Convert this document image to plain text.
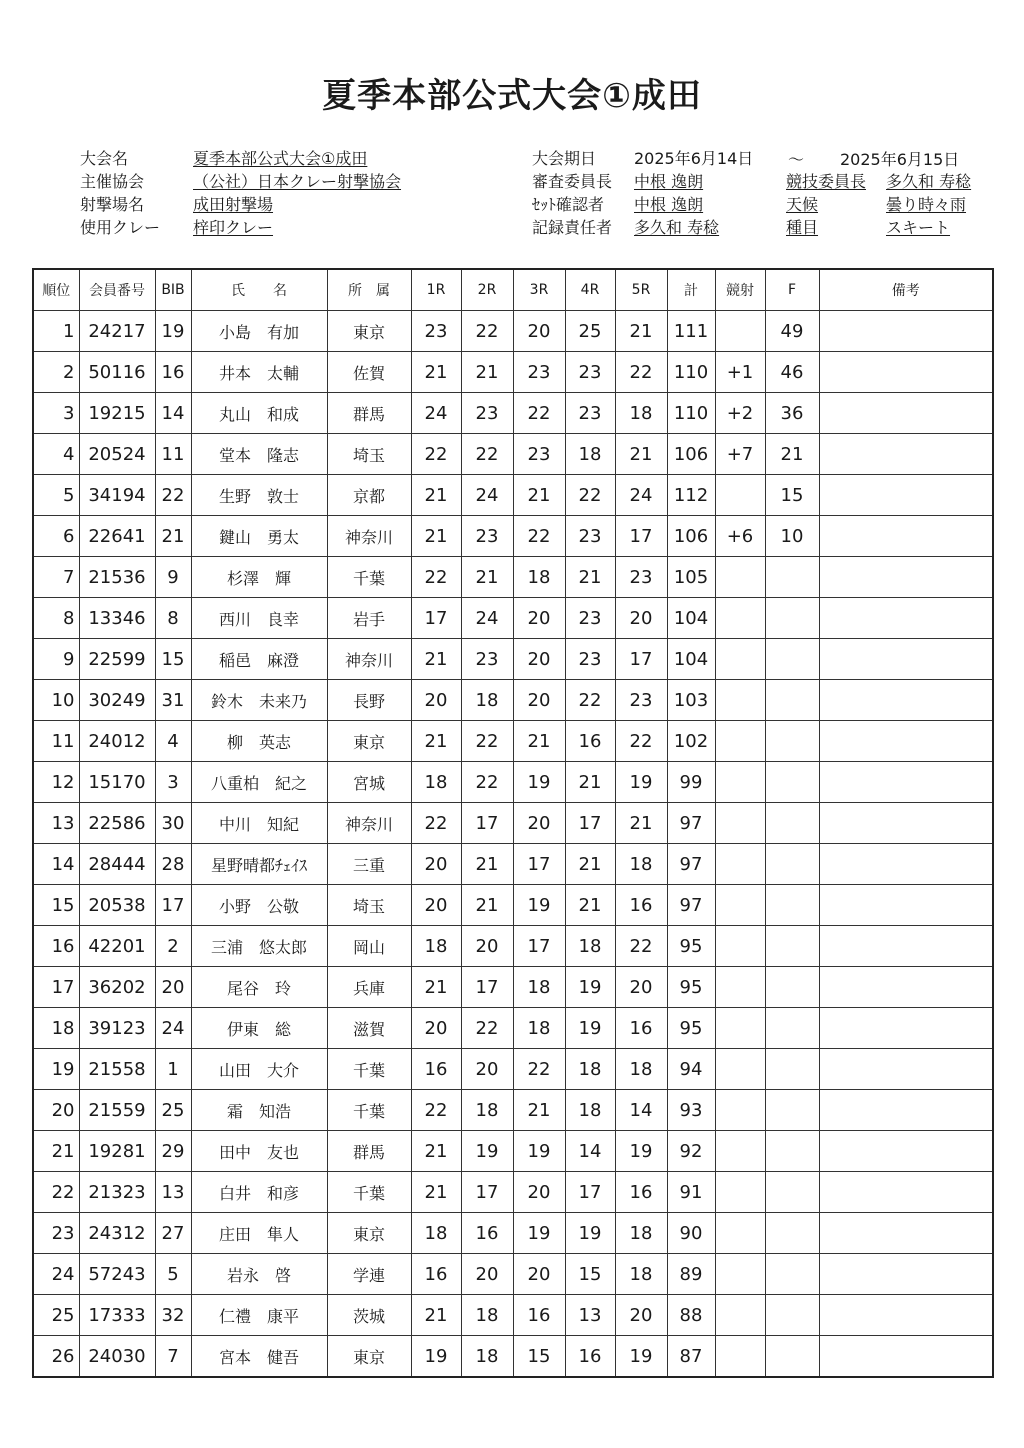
夏季本部公式大会①成田
大会名	夏季本部公式大会①成田
主催協会	（公社）日本クレー射撃協会
射撃場名	成田射撃場
使用クレー 梓印クレー
大会期日 2025年6月14日
審査委員長 中根 逸朗
ｾｯﾄ確認者 中根 逸朗
記録責任者 多久和 寿稔
～ 2025年6月15日
競技委員長 多久和 寿稔
天候	曇り時々雨
種目	スキート
順位	会員番号	BIB	氏　　名	所　属	1R	2R	3R	4R	5R	計	競射	F	備考
1	24217	19	小島　有加	東京	23	22	20	25	21	111		49	
2	50116	16	井本　太輔	佐賀	21	21	23	23	22	110	+1	46	
3	19215	14	丸山　和成	群馬	24	23	22	23	18	110	+2	36	
4	20524	11	堂本　隆志	埼玉	22	22	23	18	21	106	+7	21	
5	34194	22	生野　敦士	京都	21	24	21	22	24	112		15	
6	22641	21	鍵山　勇太	神奈川	21	23	22	23	17	106	+6	10	
7	21536	9	杉澤　輝	千葉	22	21	18	21	23	105			
8	13346	8	西川　良幸	岩手	17	24	20	23	20	104			
9	22599	15	稲邑　麻澄	神奈川	21	23	20	23	17	104			
10	30249	31	鈴木　未来乃	長野	20	18	20	22	23	103			
11	24012	4	柳　英志	東京	21	22	21	16	22	102			
12	15170	3	八重柏　紀之	宮城	18	22	19	21	19	99			
13	22586	30	中川　知紀	神奈川	22	17	20	17	21	97			
14	28444	28	星野晴都ﾁｪｲｽ	三重	20	21	17	21	18	97			
15	20538	17	小野　公敬	埼玉	20	21	19	21	16	97			
16	42201	2	三浦　悠太郎	岡山	18	20	17	18	22	95			
17	36202	20	尾谷　玲	兵庫	21	17	18	19	20	95			
18	39123	24	伊東　総	滋賀	20	22	18	19	16	95			
19	21558	1	山田　大介	千葉	16	20	22	18	18	94			
20	21559	25	霜　知浩	千葉	22	18	21	18	14	93			
21	19281	29	田中　友也	群馬	21	19	19	14	19	92			
22	21323	13	白井　和彦	千葉	21	17	20	17	16	91			
23	24312	27	庄田　隼人	東京	18	16	19	19	18	90			
24	57243	5	岩永　啓	学連	16	20	20	15	18	89			
25	17333	32	仁禮　康平	茨城	21	18	16	13	20	88			
26	24030	7	宮本　健吾	東京	19	18	15	16	19	87			
